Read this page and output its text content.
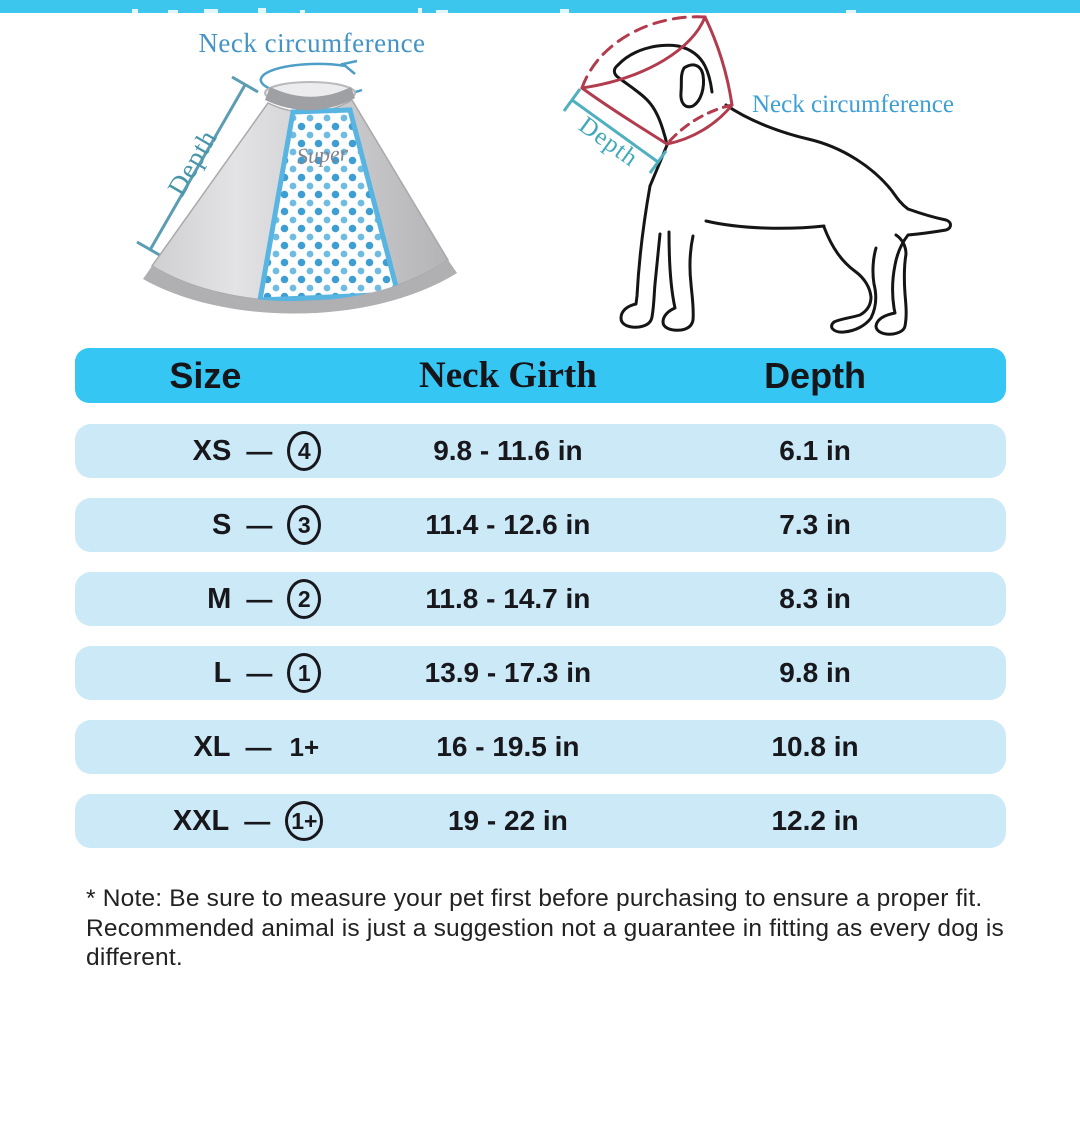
Neck circumference
Depth	Super	Depth
Neck circumference
Size	Neck Girth	Depth
XS —	4	9.8 - 11.6 in	6.1 in
S —	3	11.4 - 12.6 in	7.3 in
M —	2	11.8 - 14.7 in	8.3 in
L —	1	13.9 - 17.3 in	9.8 in
XL — 1+	16 - 19.5 in	10.8 in
XXL — 1+	19 - 22 in	12.2 in
* Note: Be sure to measure your pet first before purchasing to ensure a proper fit.
Recommended animal is just a suggestion not a guarantee in fitting as every dog is different.
